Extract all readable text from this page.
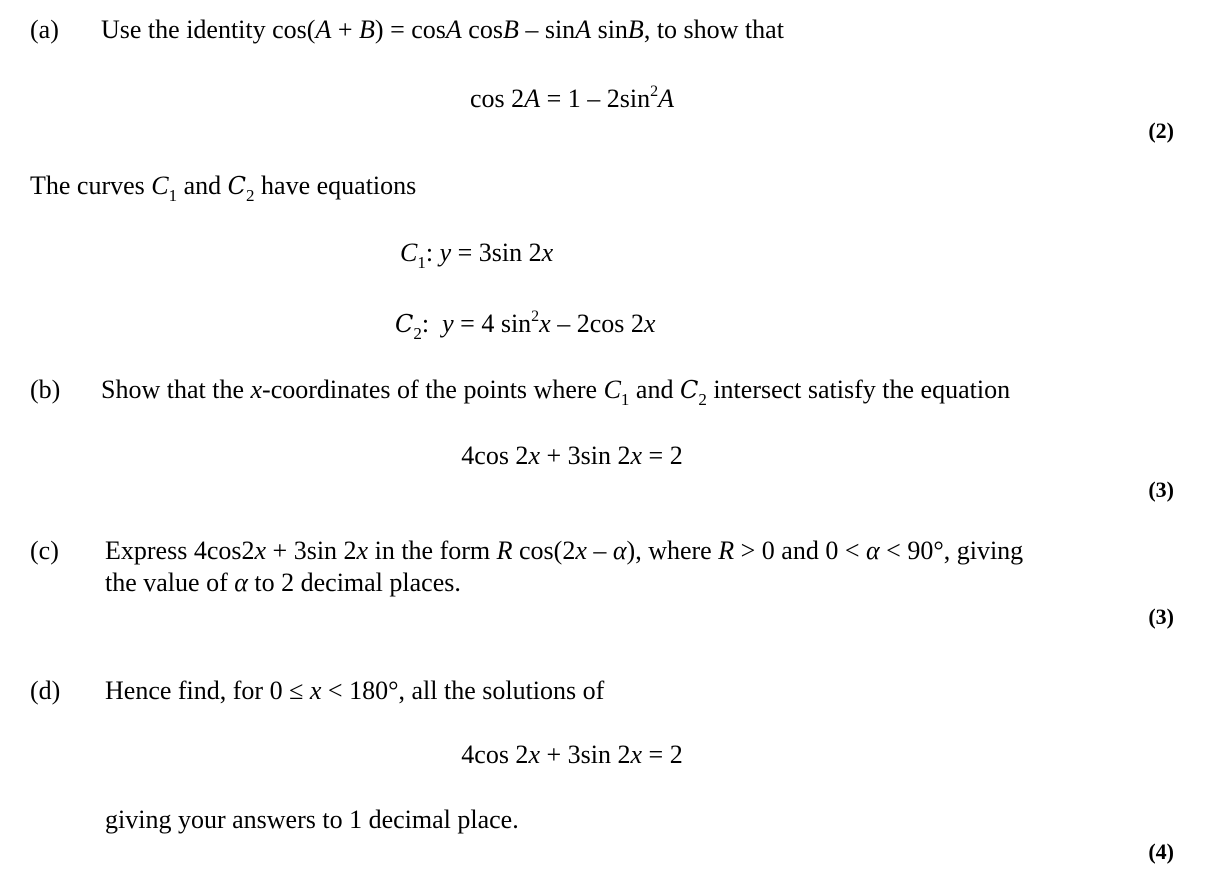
(a) Use the identity cos(A + B) = cosA cosB – sinA sinB, to show that
$\cos 2A = 1 - 2\sin^2A$
(2)
The curves $C_1$ and $C_2$ have equations
$C_1$: y = 3sin 2x
$C_2$:  y = 4 $\sin^2x - 2\cos$ 2x
(b) Show that the x-coordinates of the points where $C_1$ and $C_2$ intersect satisfy the equation
4cos 2x + 3sin 2x = 2
(3)
(c) Express 4cos2x + 3sin 2x in the form R cos(2x – α), where R > 0 and 0 < α < 90°, giving
the value of α to 2 decimal places.
(3)
(d) Hence find, for 0 ≤ x < 180°, all the solutions of
4cos 2x + 3sin 2x = 2
giving your answers to 1 decimal place.
(4)
